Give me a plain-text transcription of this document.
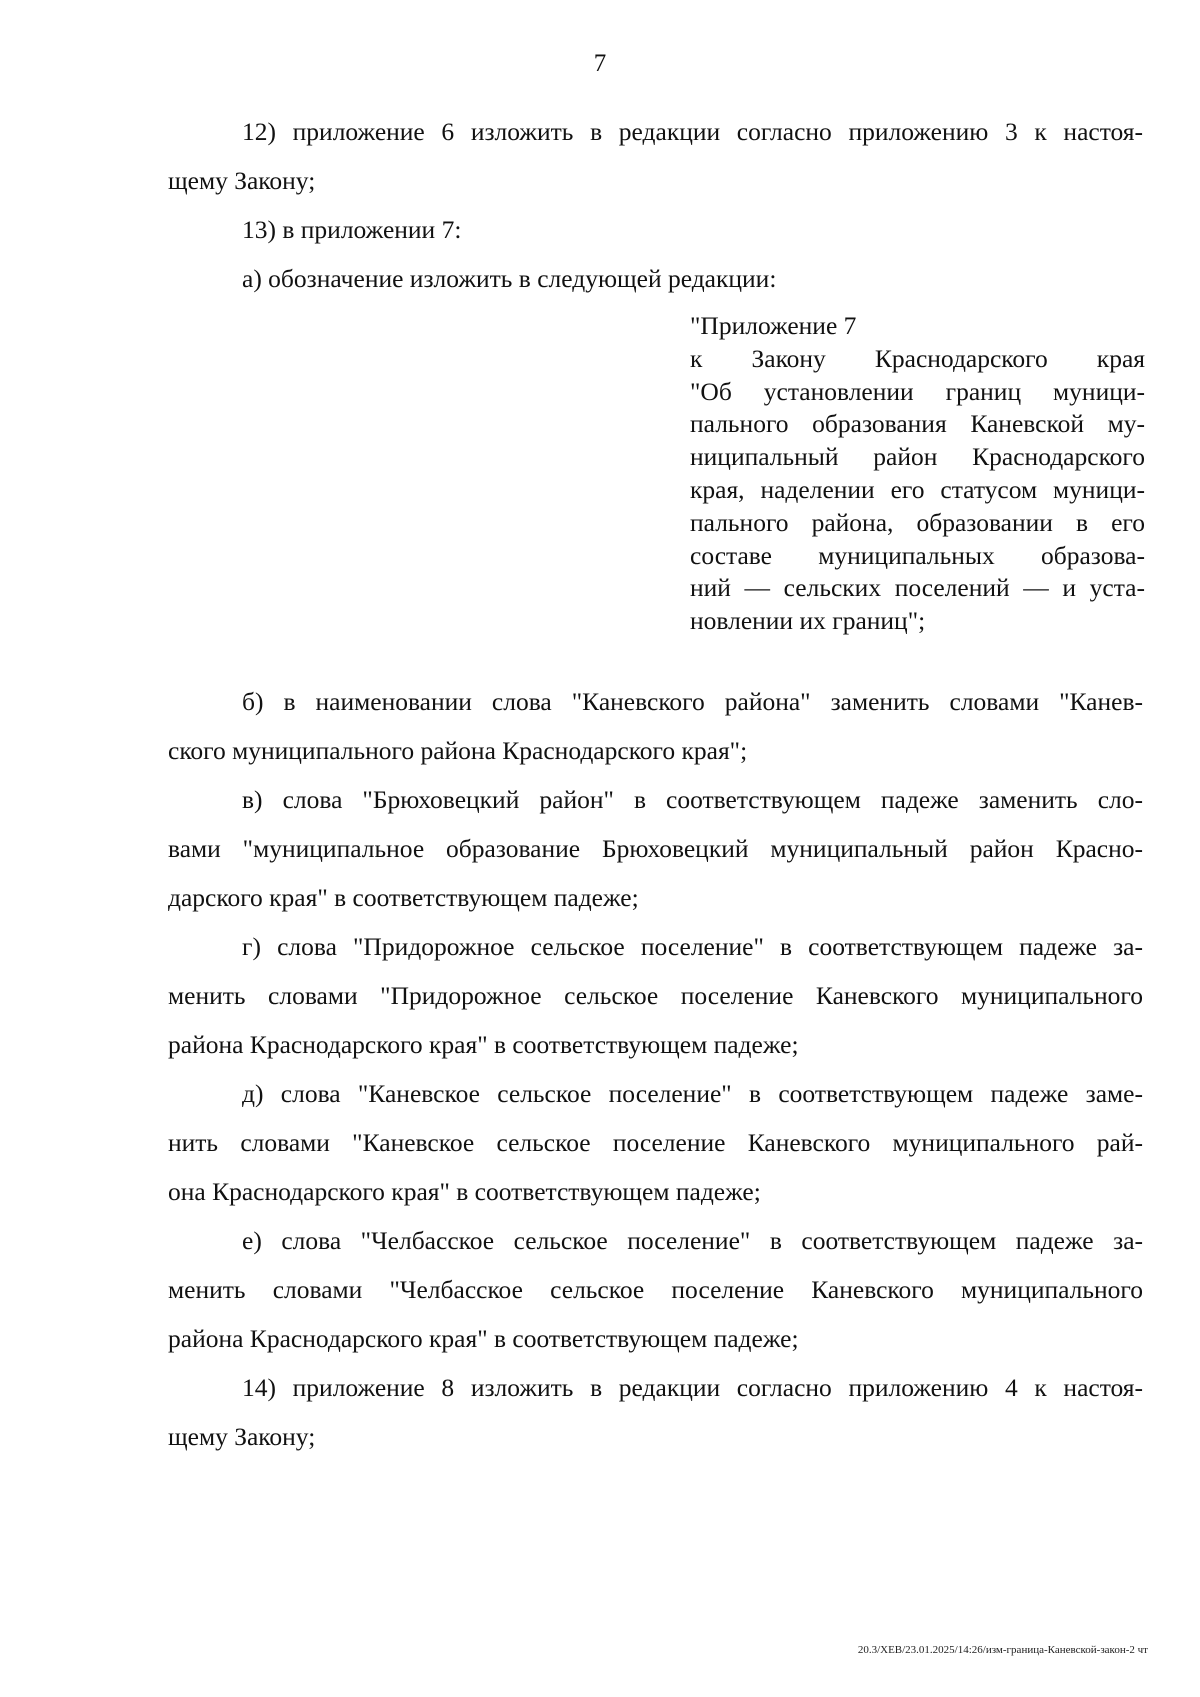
7
12) приложение 6 изложить в редакции согласно приложению 3 к настоя-
щему Закону;
13) в приложении 7:
а) обозначение изложить в следующей редакции:
"Приложение 7
к Закону Краснодарского края
"Об установлении границ муници-
пального образования Каневской му-
ниципальный район Краснодарского
края, наделении его статусом муници-
пального района, образовании в его
составе муниципальных образова-
ний — сельских поселений — и уста-
новлении их границ";
б) в наименовании слова "Каневского района" заменить словами "Канев-
ского муниципального района Краснодарского края";
в) слова "Брюховецкий район" в соответствующем падеже заменить сло-
вами "муниципальное образование Брюховецкий муниципальный район Красно-
дарского края" в соответствующем падеже;
г) слова "Придорожное сельское поселение" в соответствующем падеже за-
менить словами "Придорожное сельское поселение Каневского муниципального
района Краснодарского края" в соответствующем падеже;
д) слова "Каневское сельское поселение" в соответствующем падеже заме-
нить словами "Каневское сельское поселение Каневского муниципального рай-
она Краснодарского края" в соответствующем падеже;
е) слова "Челбасское сельское поселение" в соответствующем падеже за-
менить словами "Челбасское сельское поселение Каневского муниципального
района Краснодарского края" в соответствующем падеже;
14) приложение 8 изложить в редакции согласно приложению 4 к настоя-
щему Закону;
20.3/ХЕВ/23.01.2025/14:26/изм-граница-Каневской-закон-2 чт
